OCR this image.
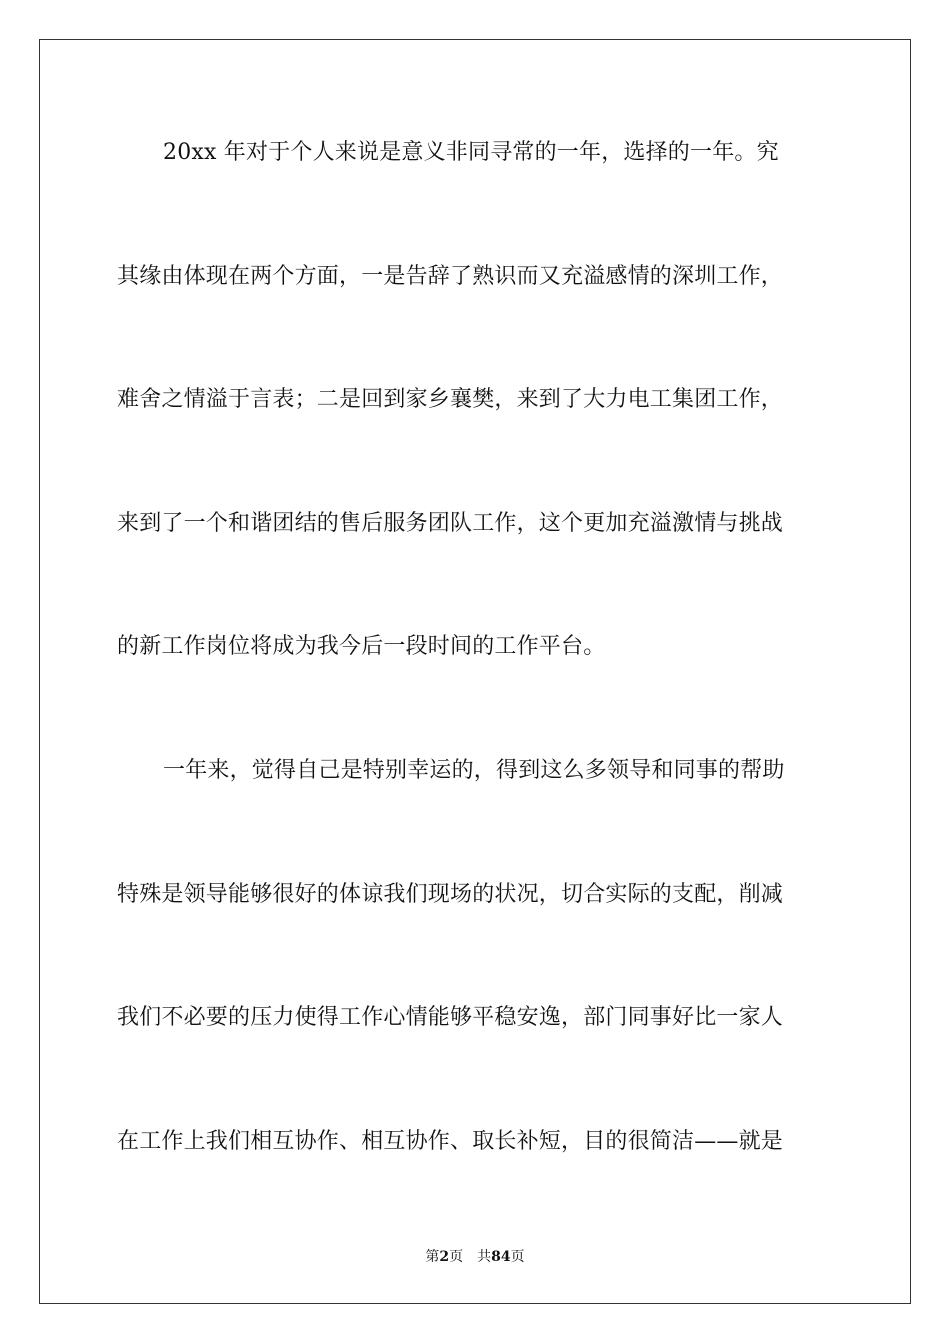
20xx 年对于个人来说是意义非同寻常的一年，选择的一年。究
其缘由体现在两个方面，一是告辞了熟识而又充溢感情的深圳工作，
难舍之情溢于言表；二是回到家乡襄樊，来到了大力电工集团工作，
来到了一个和谐团结的售后服务团队工作，这个更加充溢激情与挑战
的新工作岗位将成为我今后一段时间的工作平台。
一年来，觉得自己是特别幸运的，得到这么多领导和同事的帮助
特殊是领导能够很好的体谅我们现场的状况，切合实际的支配，削减
我们不必要的压力使得工作心情能够平稳安逸，部门同事好比一家人
在工作上我们相互协作、相互协作、取长补短，目的很简洁——就是
第2页 共84页
